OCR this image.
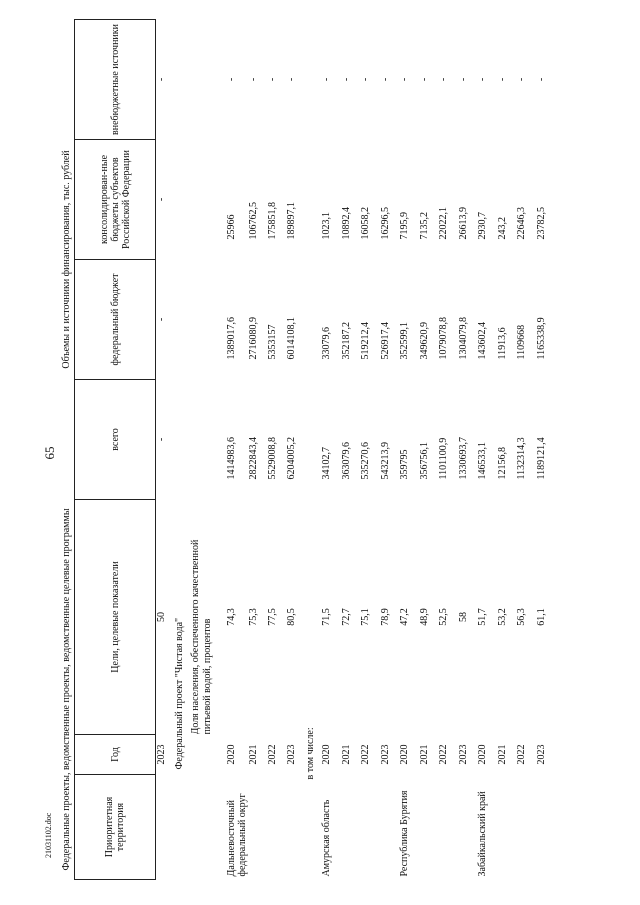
65
21031102.doc Федеральные проекты, ведомственные проекты, ведомственные целевые программы			Объемы и источники финансирования, тыс. рублей			
Приоритетная территория	Год	Цели, целевые показатели	всего	федеральный бюджет	консолидирован-ные бюджеты субъектов Российской Федерации	внебюджетные источники
	2023	50	-	-	-	-
Федеральный проект "Чистая вода"						
		Доля населения, обеспеченного качественной питьевой водой, процентов				
Дальневосточный федеральный округ	2020	74,3	1414983,6	1389017,6	25966	-
	2021	75,3	2822843,4	2716080,9	106762,5	-
	2022	77,5	5529008,8	5353157	175851,8	-
	2023	80,5	6204005,2	6014108,1	189897,1	-
в том числе:						
Амурская область	2020	71,5	34102,7	33079,6	1023,1	-
	2021	72,7	363079,6	352187,2	10892,4	-
	2022	75,1	535270,6	519212,4	16058,2	-
	2023	78,9	543213,9	526917,4	16296,5	-
Республика Бурятия	2020	47,2	359795	352599,1	7195,9	-
	2021	48,9	356756,1	349620,9	7135,2	-
	2022	52,5	1101100,9	1079078,8	22022,1	-
	2023	58	1330693,7	1304079,8	26613,9	-
Забайкальский край	2020	51,7	146533,1	143602,4	2930,7	-
	2021	53,2	12156,8	11913,6	243,2	-
	2022	56,3	1132314,3	1109668	22646,3	-
	2023	61,1	1189121,4	1165338,9	23782,5	-
